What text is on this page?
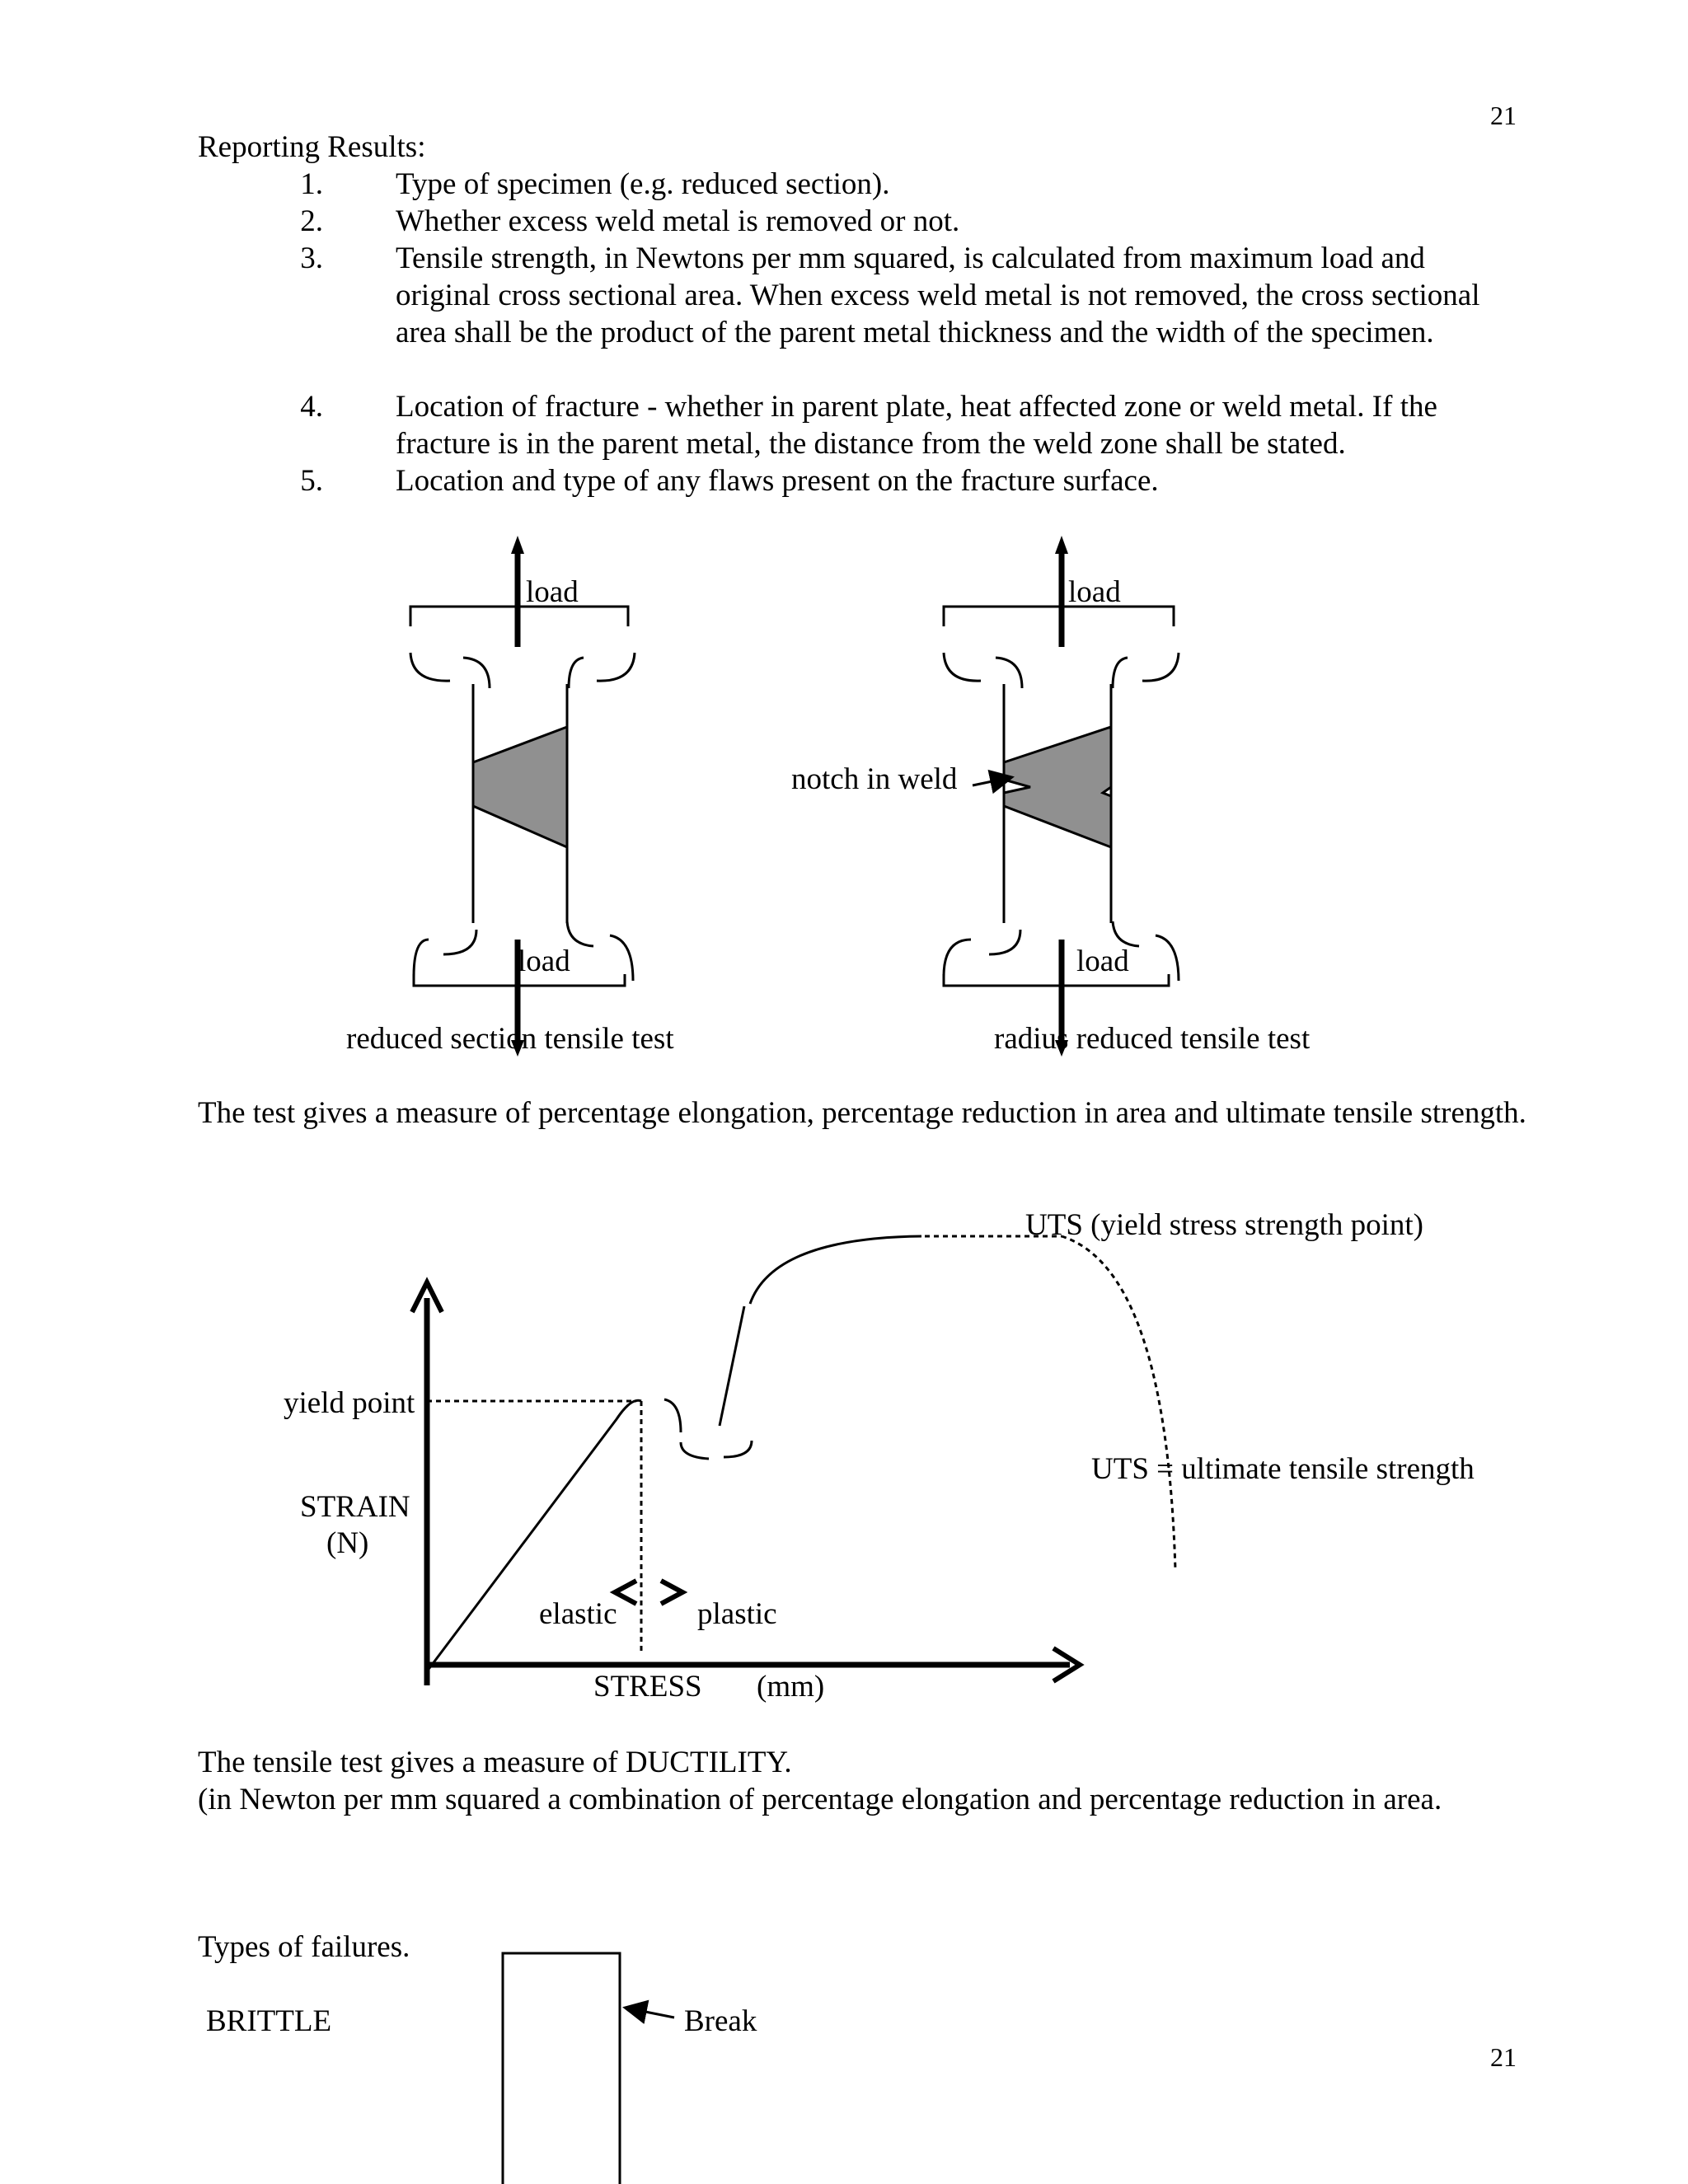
21
21
Reporting Results:
1. Type of specimen (e.g. reduced section).
2. Whether excess weld metal is removed or not.
3. Tensile strength, in Newtons per mm squared, is calculated from maximum load and original cross sectional area. When excess weld metal is not removed, the cross sectional area shall be the product of the parent metal thickness and the width of the specimen.
4. Location of fracture - whether in parent plate, heat affected zone or weld metal. If the fracture is in the parent metal, the distance from the weld zone shall be stated.
5. Location and type of any flaws present on the fracture surface.
load
load
reduced section tensile test
load
load
radius reduced tensile test
notch in weld
The test gives a measure of percentage elongation, percentage reduction in area and ultimate tensile strength.
UTS (yield stress strength point)
yield point
STRAIN
(N)
UTS = ultimate tensile strength
elastic	plastic
STRESS (mm)
The tensile test gives a measure of DUCTILITY.
(in Newton per mm squared a combination of percentage elongation and percentage reduction in area.
Types of failures.
BRITTLE	Break
